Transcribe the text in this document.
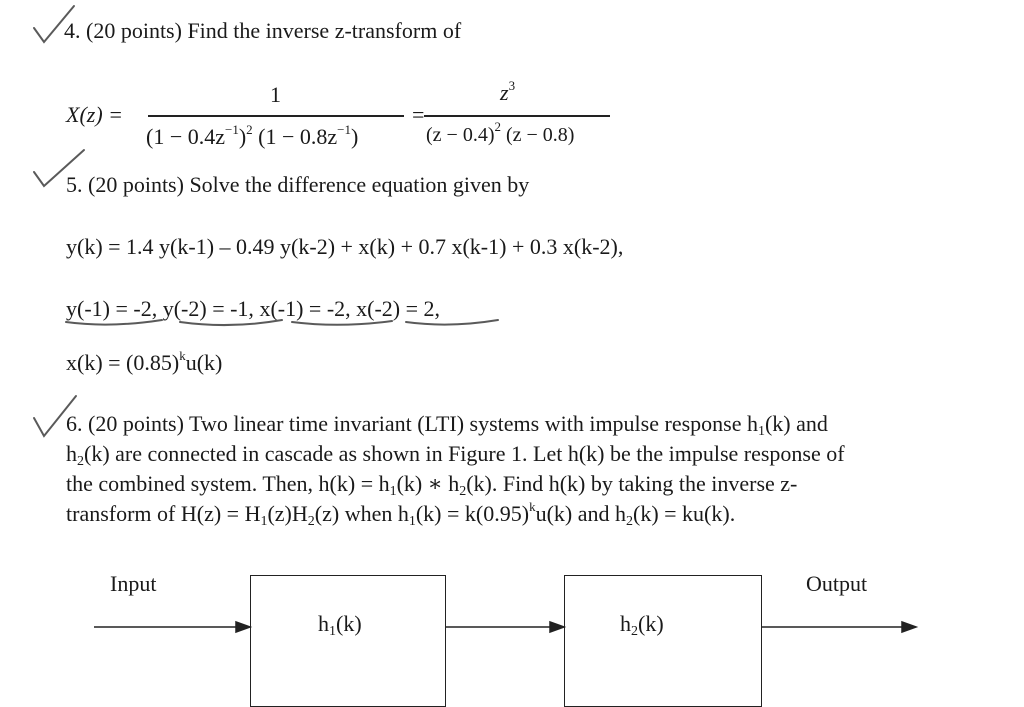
4. (20 points) Find the inverse z-transform of
X(z) =
1
$(1 - 0.4z^{-1})^2$ $(1 - 0.8z^{-1})$
=
$z^3$
$(z - 0.4)^2$ (z − 0.8)
5. (20 points) Solve the difference equation given by
y(k) = 1.4 y(k-1) – 0.49 y(k-2) + x(k) + 0.7 x(k-1) + 0.3 x(k-2),
y(-1) = -2, y(-2) = -1, x(-1) = -2, x(-2) = 2,
$x(k) = (0.85)^ku(k)$
6. (20 points) Two linear time invariant (LTI) systems with impulse response h1(k) and
h2(k) are connected in cascade as shown in Figure 1. Let h(k) be the impulse response of
the combined system. Then, h(k) = h1(k) ∗ h2(k). Find h(k) by taking the inverse z-
transform of H(z) = H1(z)H2(z) when $h1(k) = k(0.95)^ku(k)$ and h2(k) = ku(k).
Input	Output
h1(k)	h2(k)
